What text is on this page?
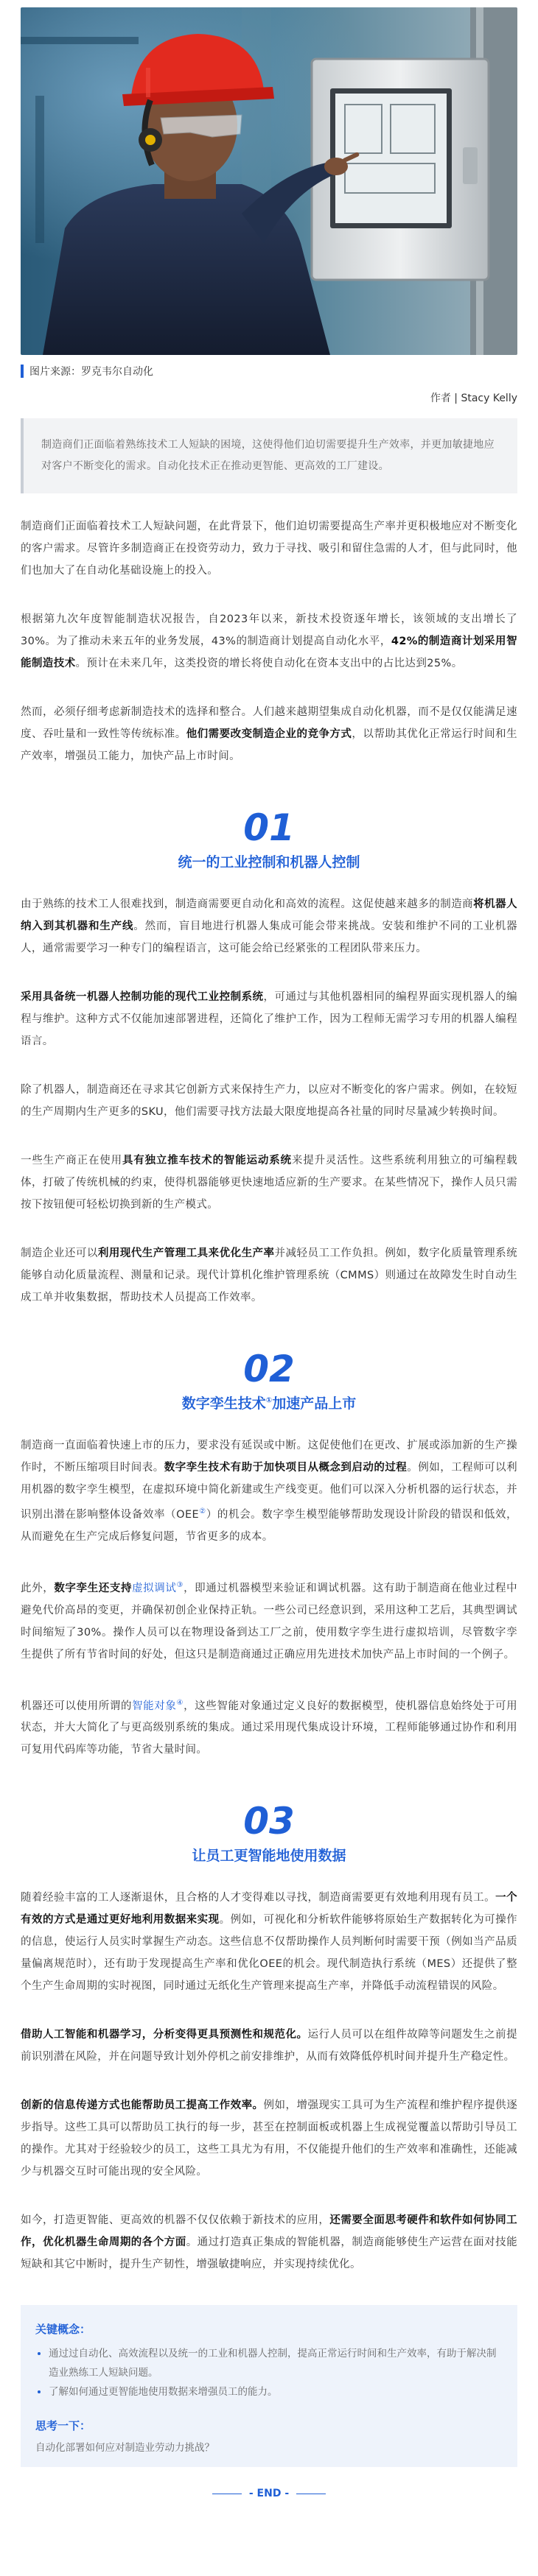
图片来源：罗克韦尔自动化
作者 | Stacy Kelly
制造商们正面临着熟练技术工人短缺的困境，这使得他们迫切需要提升生产效率，并更加敏捷地应对客户不断变化的需求。自动化技术正在推动更智能、更高效的工厂建设。

制造商们正面临着技术工人短缺问题，在此背景下，他们迫切需要提高生产率并更积极地应对不断变化的客户需求。尽管许多制造商正在投资劳动力，致力于寻找、吸引和留住急需的人才，但与此同时，他们也加大了在自动化基础设施上的投入。

根据第九次年度智能制造状况报告，自2023年以来，新技术投资逐年增长，该领域的支出增长了30%。为了推动未来五年的业务发展，43%的制造商计划提高自动化水平，42%的制造商计划采用智能制造技术。预计在未来几年，这类投资的增长将使自动化在资本支出中的占比达到25%。

然而，必须仔细考虑新制造技术的选择和整合。人们越来越期望集成自动化机器，而不是仅仅能满足速度、吞吐量和一致性等传统标准。他们需要改变制造企业的竞争方式，以帮助其优化正常运行时间和生产效率，增强员工能力，加快产品上市时间。

01
统一的工业控制和机器人控制

由于熟练的技术工人很难找到，制造商需要更自动化和高效的流程。这促使越来越多的制造商将机器人纳入到其机器和生产线。然而，盲目地进行机器人集成可能会带来挑战。安装和维护不同的工业机器人，通常需要学习一种专门的编程语言，这可能会给已经紧张的工程团队带来压力。

采用具备统一机器人控制功能的现代工业控制系统，可通过与其他机器相同的编程界面实现机器人的编程与维护。这种方式不仅能加速部署进程，还简化了维护工作，因为工程师无需学习专用的机器人编程语言。

除了机器人，制造商还在寻求其它创新方式来保持生产力，以应对不断变化的客户需求。例如，在较短的生产周期内生产更多的SKU，他们需要寻找方法最大限度地提高各社量的同时尽量减少转换时间。

一些生产商正在使用具有独立推车技术的智能运动系统来提升灵活性。这些系统利用独立的可编程载体，打破了传统机械的约束，使得机器能够更快速地适应新的生产要求。在某些情况下，操作人员只需按下按钮便可轻松切换到新的生产模式。

制造企业还可以利用现代生产管理工具来优化生产率并减轻员工工作负担。例如，数字化质量管理系统能够自动化质量流程、测量和记录。现代计算机化维护管理系统（CMMS）则通过在故障发生时自动生成工单并收集数据，帮助技术人员提高工作效率。

02
数字孪生技术①加速产品上市

制造商一直面临着快速上市的压力，要求没有延误或中断。这促使他们在更改、扩展或添加新的生产操作时，不断压缩项目时间表。数字孪生技术有助于加快项目从概念到启动的过程。例如，工程师可以利用机器的数字孪生模型，在虚拟环境中简化新建或生产线变更。他们可以深入分析机器的运行状态，并识别出潜在影响整体设备效率（OEE②）的机会。数字孪生模型能够帮助发现设计阶段的错误和低效，从而避免在生产完成后修复问题，节省更多的成本。

此外，数字孪生还支持虚拟调试③，即通过机器模型来验证和调试机器。这有助于制造商在他业过程中避免代价高昂的变更，并确保初创企业保持正轨。一些公司已经意识到，采用这种工艺后，其典型调试时间缩短了30%。操作人员可以在物理设备到达工厂之前，使用数字孪生进行虚拟培训，尽管数字孪生提供了所有节省时间的好处，但这只是制造商通过正确应用先进技术加快产品上市时间的一个例子。

机器还可以使用所谓的智能对象④，这些智能对象通过定义良好的数据模型，使机器信息始终处于可用状态，并大大简化了与更高级别系统的集成。通过采用现代集成设计环境，工程师能够通过协作和利用可复用代码库等功能，节省大量时间。

03
让员工更智能地使用数据

随着经验丰富的工人逐渐退休，且合格的人才变得难以寻找，制造商需要更有效地利用现有员工。一个有效的方式是通过更好地利用数据来实现。例如，可视化和分析软件能够将原始生产数据转化为可操作的信息，使运行人员实时掌握生产动态。这些信息不仅帮助操作人员判断何时需要干预（例如当产品质量偏离规范时），还有助于发现提高生产率和优化OEE的机会。现代制造执行系统（MES）还提供了整个生产生命周期的实时视图，同时通过无纸化生产管理来提高生产率，并降低手动流程错误的风险。

借助人工智能和机器学习，分析变得更具预测性和规范化。运行人员可以在组件故障等问题发生之前提前识别潜在风险，并在问题导致计划外停机之前安排维护，从而有效降低停机时间并提升生产稳定性。

创新的信息传递方式也能帮助员工提高工作效率。例如，增强现实工具可为生产流程和维护程序提供逐步指导。这些工具可以帮助员工执行的每一步，甚至在控制面板或机器上生成视觉覆盖以帮助引导员工的操作。尤其对于经验较少的员工，这些工具尤为有用，不仅能提升他们的生产效率和准确性，还能减少与机器交互时可能出现的安全风险。

如今，打造更智能、更高效的机器不仅仅依赖于新技术的应用，还需要全面思考硬件和软件如何协同工作，优化机器生命周期的各个方面。通过打造真正集成的智能机器，制造商能够使生产运营在面对技能短缺和其它中断时，提升生产韧性，增强敏捷响应，并实现持续优化。

关键概念：
• 通过过自动化、高效流程以及统一的工业和机器人控制，提高正常运行时间和生产效率，有助于解决制造业熟练工人短缺问题。
• 了解如何通过更智能地使用数据来增强员工的能力。
思考一下：
自动化部署如何应对制造业劳动力挑战？
- END -
